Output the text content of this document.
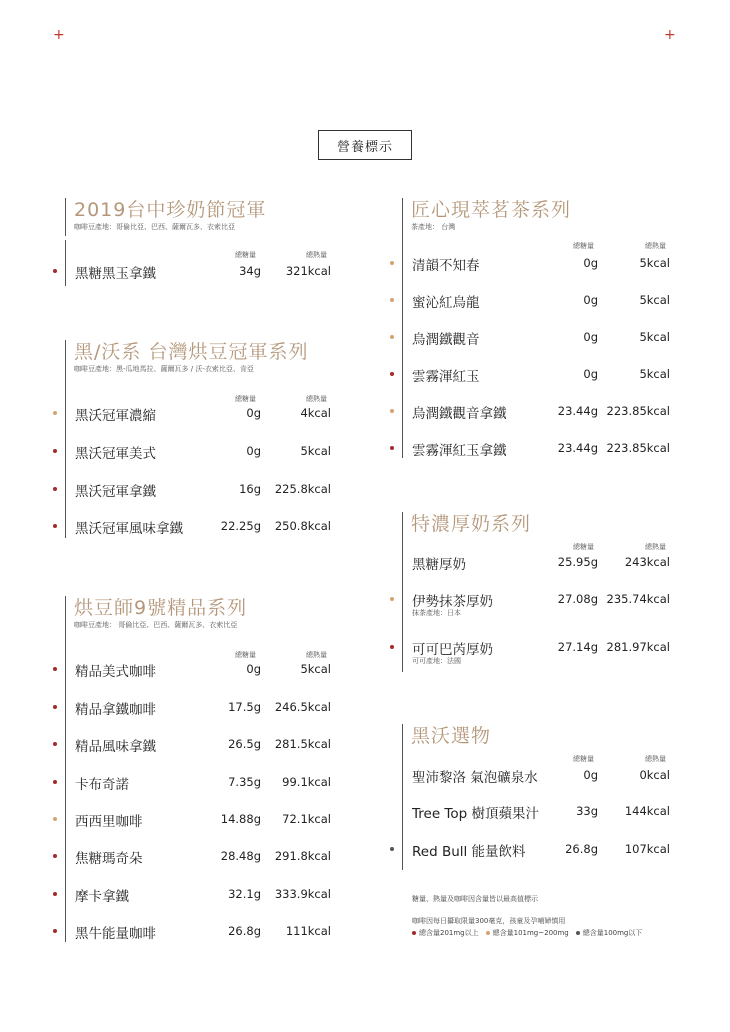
+	+
營養標示
2019台中珍奶節冠軍
咖啡豆產地：哥倫比亞、巴西、薩爾瓦多、衣索比亞
總糖量	總熱量
黑糖黑玉拿鐵	34g	321kcal
黑/沃系 台灣烘豆冠軍系列
咖啡豆產地：黑-瓜地馬拉、薩爾瓦多 / 沃-衣索比亞、肯亞
總糖量	總熱量
黑沃冠軍濃縮	0g	4kcal
黑沃冠軍美式	0g	5kcal
黑沃冠軍拿鐵	16g	225.8kcal
黑沃冠軍風味拿鐵	22.25g	250.8kcal
烘豆師9號精品系列
咖啡豆產地： 哥倫比亞、巴西、薩爾瓦多、衣索比亞
總糖量	總熱量
精品美式咖啡	0g	5kcal
精品拿鐵咖啡	17.5g	246.5kcal
精品風味拿鐵	26.5g	281.5kcal
卡布奇諾	7.35g	99.1kcal
西西里咖啡	14.88g	72.1kcal
焦糖瑪奇朵	28.48g	291.8kcal
摩卡拿鐵	32.1g	333.9kcal
黑牛能量咖啡	26.8g	111kcal
匠心現萃茗茶系列
茶產地： 台灣
總糖量	總熱量
清韻不知春	0g	5kcal
蜜沁紅烏龍	0g	5kcal
烏潤鐵觀音	0g	5kcal
雲霧渾紅玉	0g	5kcal
烏潤鐵觀音拿鐵	23.44g 223.85kcal
雲霧渾紅玉拿鐵	23.44g 223.85kcal
特濃厚奶系列
總糖量	總熱量
黑糖厚奶	25.95g	243kcal
伊勢抹茶厚奶
抹茶產地：日本
27.08g 235.74kcal
可可巴芮厚奶
可可產地：法國
27.14g 281.97kcal
黑沃選物
總糖量	總熱量
聖沛黎洛 氣泡礦泉水	0g	0kcal
Tree Top 樹頂蘋果汁	33g	144kcal
Red Bull 能量飲料	26.8g	107kcal
糖量、熱量及咖啡因含量皆以最高值標示
咖啡因每日攝取限量300毫克，孩童及孕哺婦慎用
總含量201mg以上 總含量101mg~200mg 總含量100mg以下
